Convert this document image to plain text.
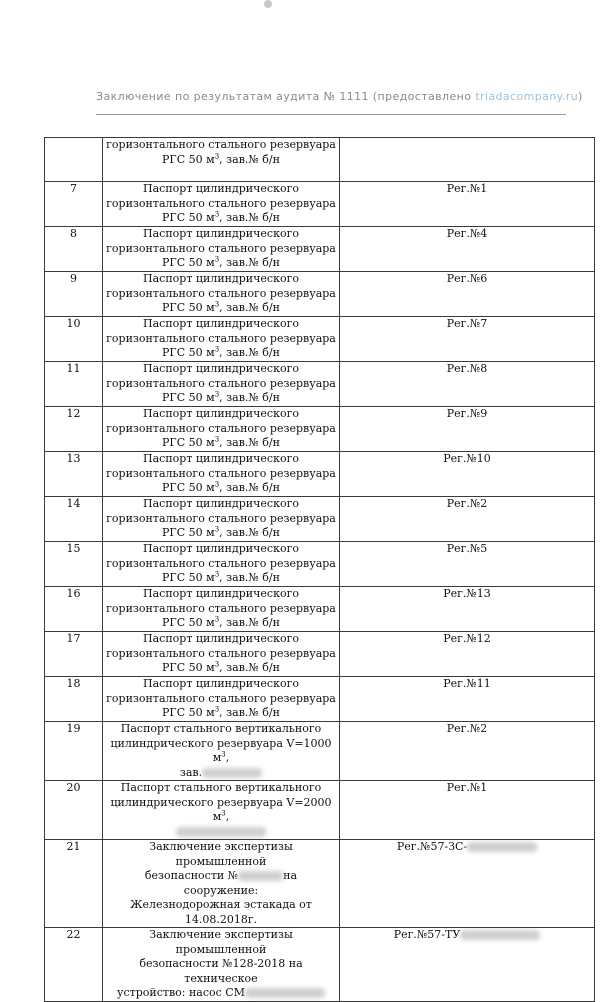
Заключение по результатам аудита № 1111 (предоставлено triadacompany.ru)

	горизонтального стального резервуара
РГС 50 $м^3$, зав.№ б/н	

7	Паспорт цилиндрического
горизонтального стального резервуара
РГС 50 $м^3$, зав.№ б/н	Рег.№1
8	Паспорт цилиндрического
горизонтального стального резервуара
РГС 50 $м^3$, зав.№ б/н	Рег.№4
9	Паспорт цилиндрического
горизонтального стального резервуара
РГС 50 $м^3$, зав.№ б/н	Рег.№6
10	Паспорт цилиндрического
горизонтального стального резервуара
РГС 50 $м^3$, зав.№ б/н	Рег.№7
11	Паспорт цилиндрического
горизонтального стального резервуара
РГС 50 $м^3$, зав.№ б/н	Рег.№8
12	Паспорт цилиндрического
горизонтального стального резервуара
РГС 50 $м^3$, зав.№ б/н	Рег.№9
13	Паспорт цилиндрического
горизонтального стального резервуара
РГС 50 $м^3$, зав.№ б/н	Рег.№10
14	Паспорт цилиндрического
горизонтального стального резервуара
РГС 50 $м^3$, зав.№ б/н	Рег.№2
15	Паспорт цилиндрического
горизонтального стального резервуара
РГС 50 $м^3$, зав.№ б/н	Рег.№5
16	Паспорт цилиндрического
горизонтального стального резервуара
РГС 50 $м^3$, зав.№ б/н	Рег.№13
17	Паспорт цилиндрического
горизонтального стального резервуара
РГС 50 $м^3$, зав.№ б/н	Рег.№12
18	Паспорт цилиндрического
горизонтального стального резервуара
РГС 50 $м^3$, зав.№ б/н	Рег.№11
19	Паспорт стального вертикального
цилиндрического резервуара V=1000 $м^3$,
зав.	Рег.№2
20	Паспорт стального вертикального
цилиндрического резервуара V=2000 $м^3$,	Рег.№1
21	Заключение экспертизы промышленной
безопасности № на сооружение:
Железнодорожная эстакада от
14.08.2018г.	Рег.№57-ЗС-
22	Заключение экспертизы промышленной
безопасности №128-2018 на техническое
устройство: насос СМ	Рег.№57-ТУ
